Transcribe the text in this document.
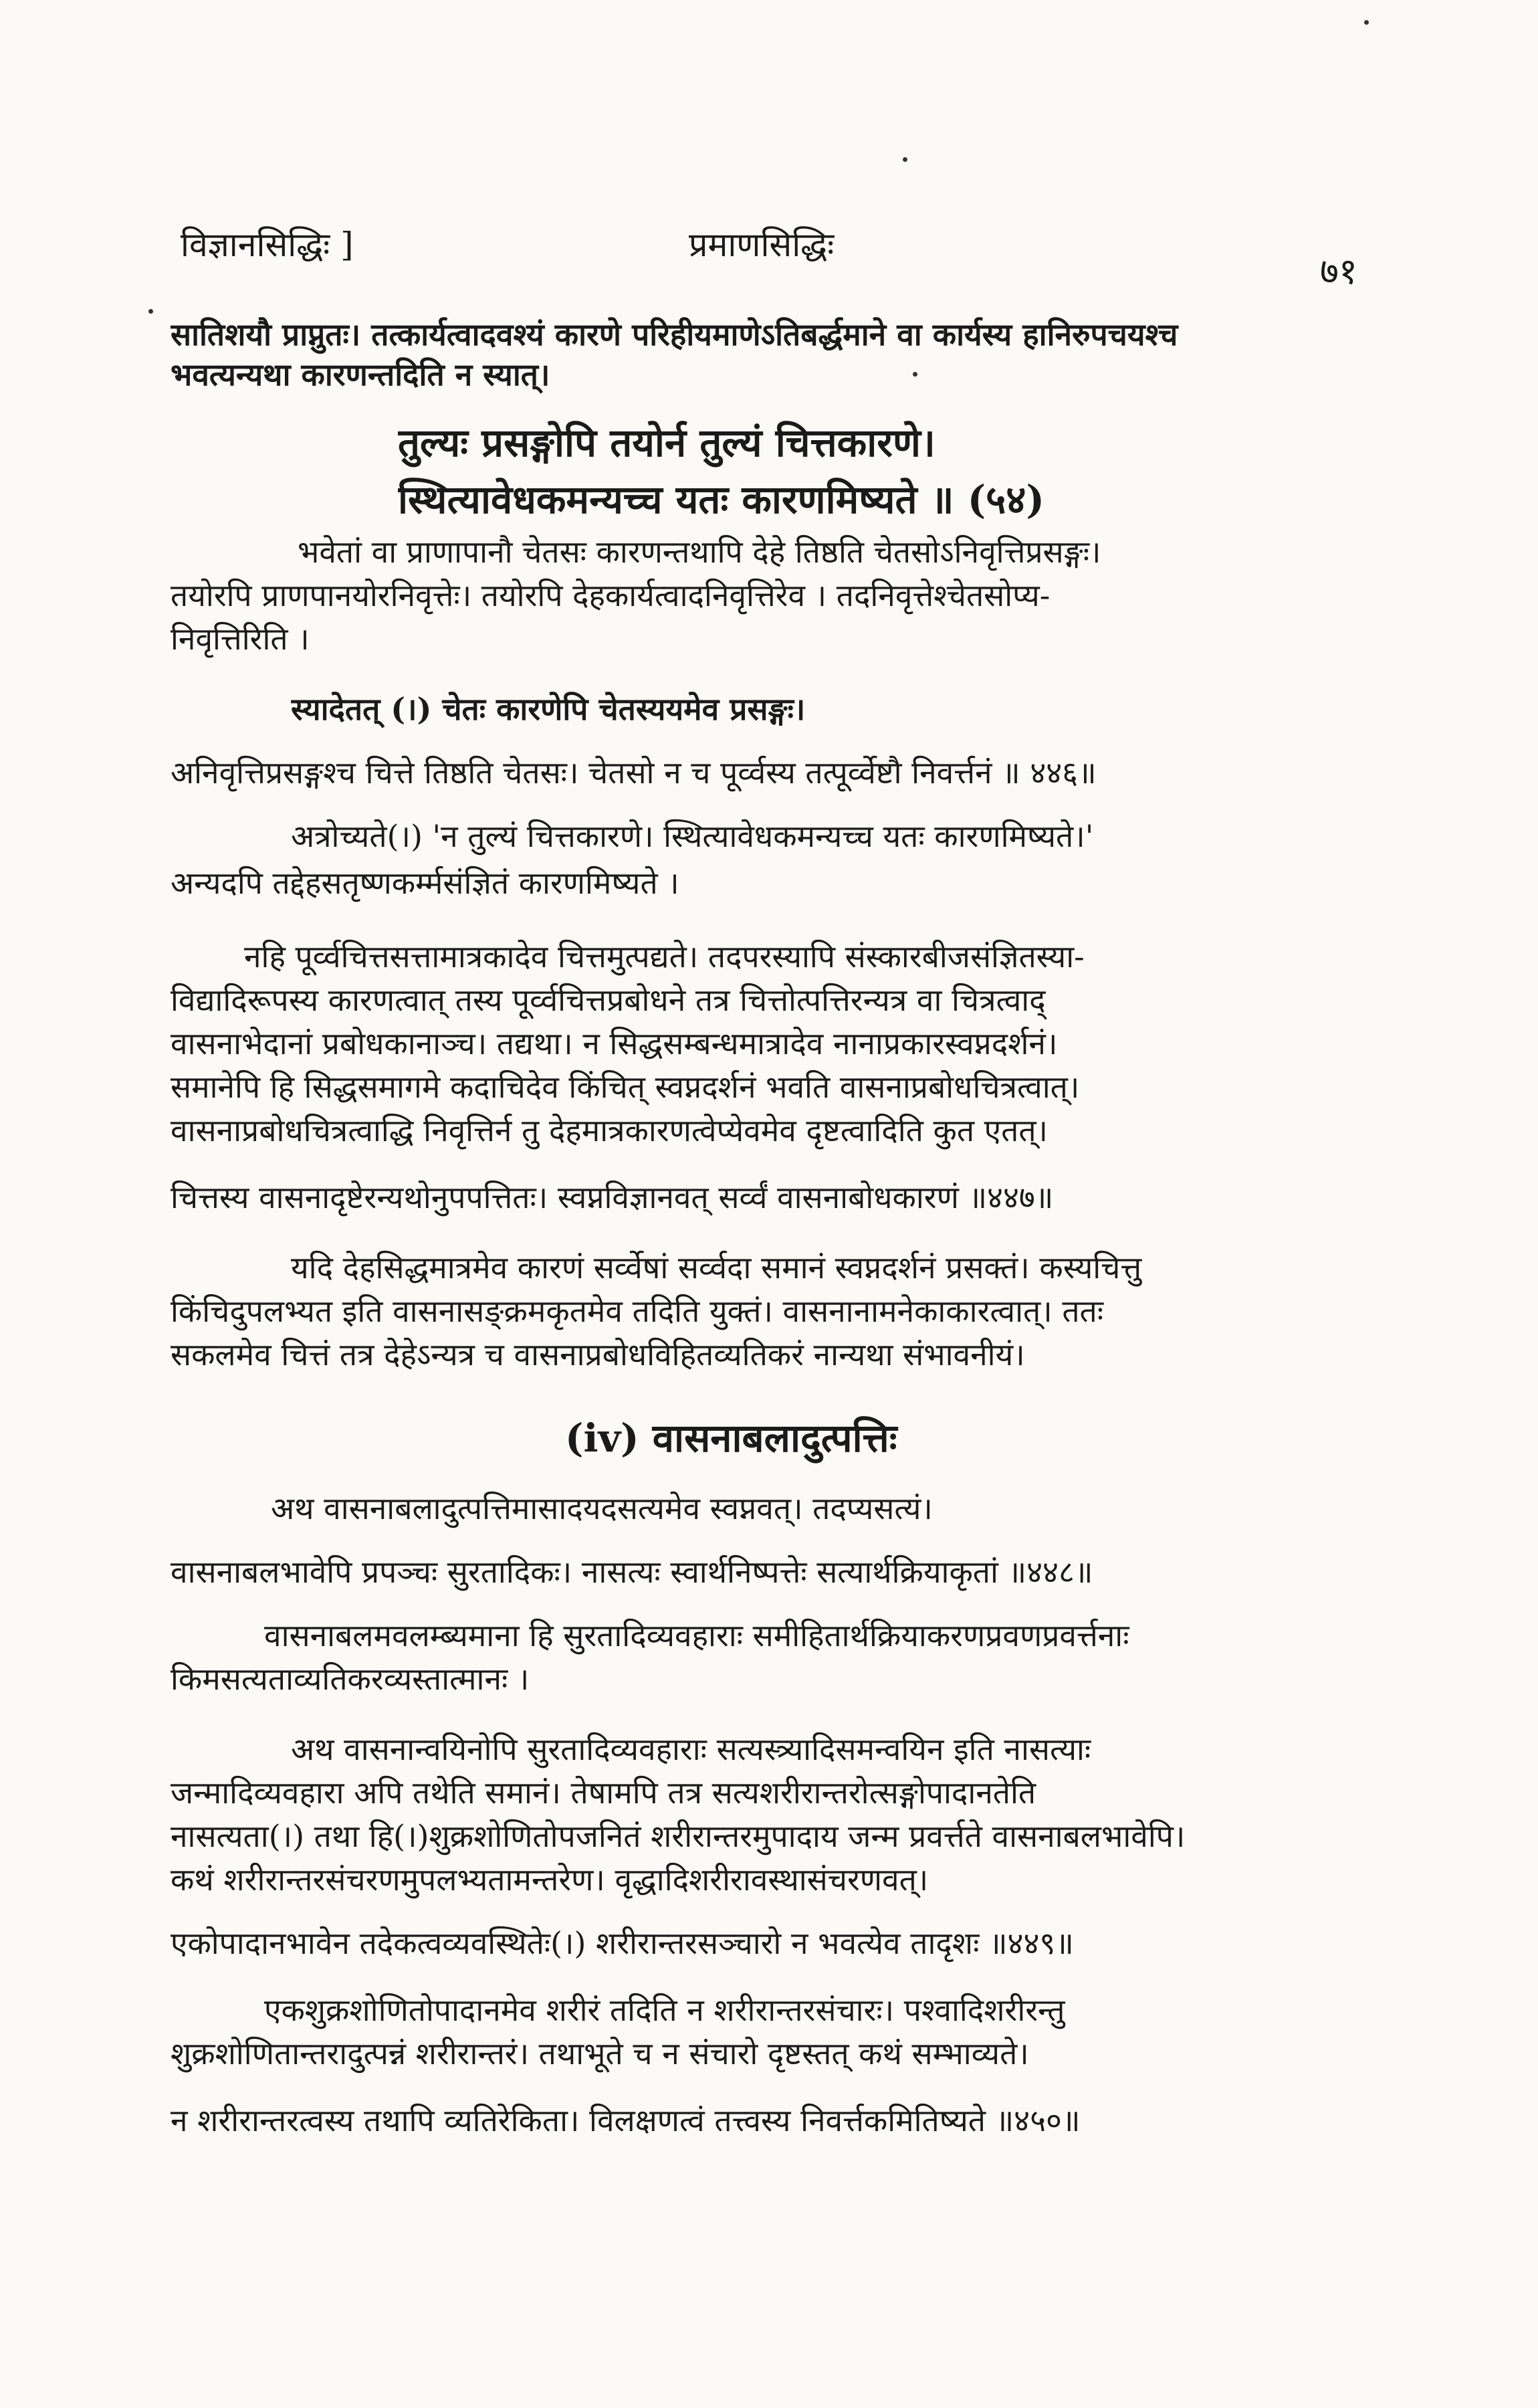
विज्ञानसिद्धिः ]	प्रमाणसिद्धिः
७१
सातिशयौ प्राप्नुतः। तत्कार्यत्वादवश्यं कारणे परिहीयमाणेऽतिबर्द्धमाने वा कार्यस्य हानिरुपचयश्च
भवत्यन्यथा कारणन्तदिति न स्यात्।
तुल्यः प्रसङ्गोपि तयोर्न तुल्यं चित्तकारणे।
स्थित्यावेधकमन्यच्च यतः कारणमिष्यते ॥ (५४)
भवेतां वा प्राणापानौ चेतसः कारणन्तथापि देहे तिष्ठति चेतसोऽनिवृत्तिप्रसङ्गः।
तयोरपि प्राणपानयोरनिवृत्तेः। तयोरपि देहकार्यत्वादनिवृत्तिरेव । तदनिवृत्तेश्चेतसोप्य-
निवृत्तिरिति ।
स्यादेतत् (।) चेतः कारणेपि चेतस्ययमेव प्रसङ्गः।
अनिवृत्तिप्रसङ्गश्च चित्ते तिष्ठति चेतसः। चेतसो न च पूर्व्वस्य तत्पूर्व्वेष्टौ निवर्त्तनं ॥ ४४६॥
अत्रोच्यते(।) 'न तुल्यं चित्तकारणे। स्थित्यावेधकमन्यच्च यतः कारणमिष्यते।'
अन्यदपि तद्देहसतृष्णकर्म्मसंज्ञितं कारणमिष्यते ।
नहि पूर्व्वचित्तसत्तामात्रकादेव चित्तमुत्पद्यते। तदपरस्यापि संस्कारबीजसंज्ञितस्या-
विद्यादिरूपस्य कारणत्वात् तस्य पूर्व्वचित्तप्रबोधने तत्र चित्तोत्पत्तिरन्यत्र वा चित्रत्वाद्
वासनाभेदानां प्रबोधकानाञ्च। तद्यथा। न सिद्धसम्बन्धमात्रादेव नानाप्रकारस्वप्नदर्शनं।
समानेपि हि सिद्धसमागमे कदाचिदेव किंचित् स्वप्नदर्शनं भवति वासनाप्रबोधचित्रत्वात्।
वासनाप्रबोधचित्रत्वाद्धि निवृत्तिर्न तु देहमात्रकारणत्वेप्येवमेव दृष्टत्वादिति कुत एतत्।
चित्तस्य वासनादृष्टेरन्यथोनुपपत्तितः। स्वप्नविज्ञानवत् सर्व्वं वासनाबोधकारणं ॥४४७॥
यदि देहसिद्धमात्रमेव कारणं सर्व्वेषां सर्व्वदा समानं स्वप्नदर्शनं प्रसक्तं। कस्यचित्तु
किंचिदुपलभ्यत इति वासनासङ्क्रमकृतमेव तदिति युक्तं। वासनानामनेकाकारत्वात्। ततः
सकलमेव चित्तं तत्र देहेऽन्यत्र च वासनाप्रबोधविहितव्यतिकरं नान्यथा संभावनीयं।
(iv) वासनाबलादुत्पत्तिः
अथ वासनाबलादुत्पत्तिमासादयदसत्यमेव स्वप्नवत्। तदप्यसत्यं।
वासनाबलभावेपि प्रपञ्चः सुरतादिकः। नासत्यः स्वार्थनिष्पत्तेः सत्यार्थक्रियाकृतां ॥४४८॥
वासनाबलमवलम्ब्यमाना हि सुरतादिव्यवहाराः समीहितार्थक्रियाकरणप्रवणप्रवर्त्तनाः
किमसत्यताव्यतिकरव्यस्तात्मानः ।
अथ वासनान्वयिनोपि सुरतादिव्यवहाराः सत्यस्त्र्यादिसमन्वयिन इति नासत्याः
जन्मादिव्यवहारा अपि तथेति समानं। तेषामपि तत्र सत्यशरीरान्तरोत्सङ्गोपादानतेति
नासत्यता(।) तथा हि(।)शुक्रशोणितोपजनितं शरीरान्तरमुपादाय जन्म प्रवर्त्तते वासनाबलभावेपि।
कथं शरीरान्तरसंचरणमुपलभ्यतामन्तरेण। वृद्धादिशरीरावस्थासंचरणवत्।
एकोपादानभावेन तदेकत्वव्यवस्थितेः(।) शरीरान्तरसञ्चारो न भवत्येव तादृशः ॥४४९॥
एकशुक्रशोणितोपादानमेव शरीरं तदिति न शरीरान्तरसंचारः। पश्वादिशरीरन्तु
शुक्रशोणितान्तरादुत्पन्नं शरीरान्तरं। तथाभूते च न संचारो दृष्टस्तत् कथं सम्भाव्यते।
न शरीरान्तरत्वस्य तथापि व्यतिरेकिता। विलक्षणत्वं तत्त्वस्य निवर्त्तकमितिष्यते ॥४५०॥
